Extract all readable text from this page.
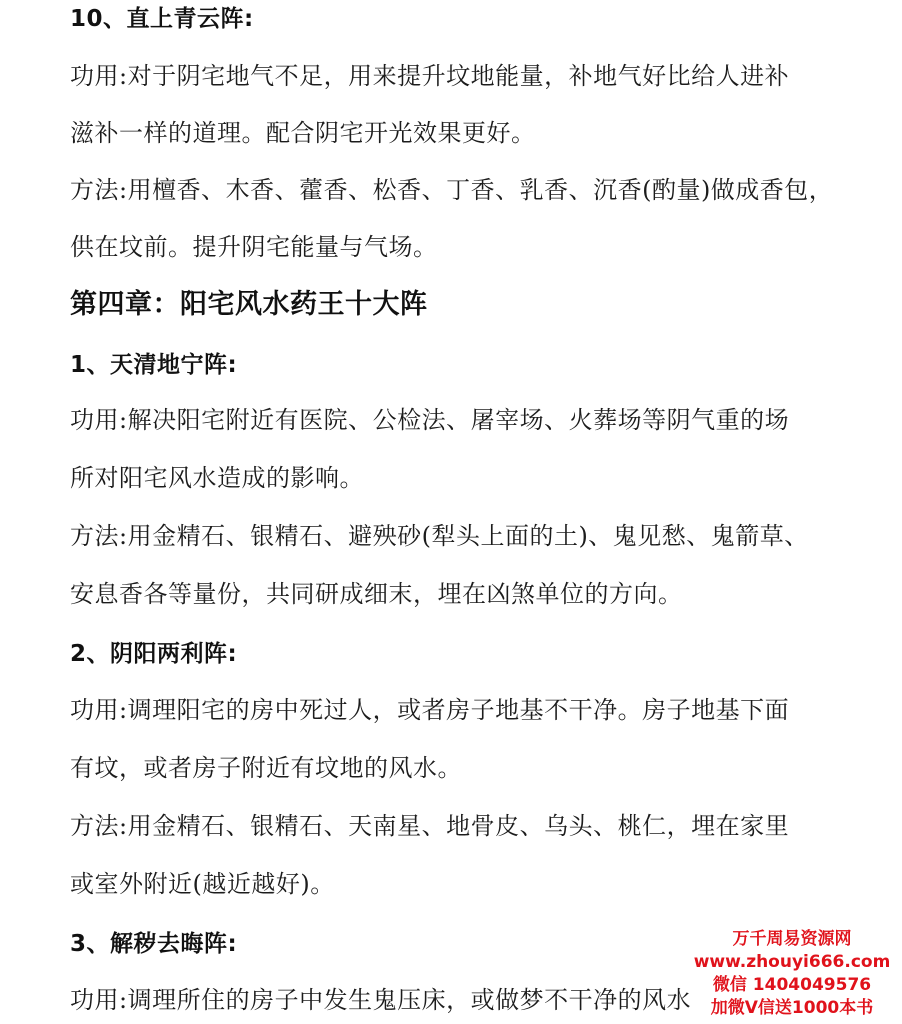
10、直上青云阵:
功用:对于阴宅地气不足，用来提升坟地能量，补地气好比给人进补
滋补一样的道理。配合阴宅开光效果更好。
方法:用檀香、木香、藿香、松香、丁香、乳香、沉香(酌量)做成香包，
供在坟前。提升阴宅能量与气场。
第四章：阳宅风水药王十大阵
1、天清地宁阵:
功用:解决阳宅附近有医院、公检法、屠宰场、火葬场等阴气重的场
所对阳宅风水造成的影响。
方法:用金精石、银精石、避殃砂(犁头上面的土)、鬼见愁、鬼箭草、
安息香各等量份，共同研成细末，埋在凶煞单位的方向。
2、阴阳两利阵:
功用:调理阳宅的房中死过人，或者房子地基不干净。房子地基下面
有坟，或者房子附近有坟地的风水。
方法:用金精石、银精石、天南星、地骨皮、乌头、桃仁，埋在家里
或室外附近(越近越好)。
3、解秽去晦阵:
功用:调理所住的房子中发生鬼压床，或做梦不干净的风水
万千周易资源网
www.zhouyi666.com
微信 1404049576
加微V信送1000本书
